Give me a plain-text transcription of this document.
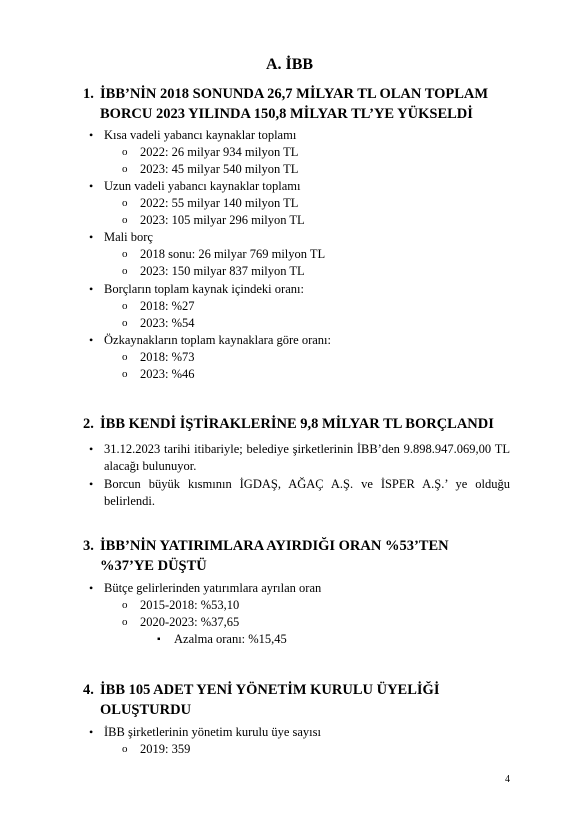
A. İBB
1. İBB’NİN 2018 SONUNDA 26,7 MİLYAR TL OLAN TOPLAM BORCU 2023 YILINDA 150,8 MİLYAR TL’YE YÜKSELDİ
• Kısa vadeli yabancı kaynaklar toplamı
o 2022: 26 milyar 934 milyon TL
o 2023: 45 milyar 540 milyon TL
• Uzun vadeli yabancı kaynaklar toplamı
o 2022: 55 milyar 140 milyon TL
o 2023: 105 milyar 296 milyon TL
• Mali borç
o 2018 sonu: 26 milyar 769 milyon TL
o 2023: 150 milyar 837 milyon TL
• Borçların toplam kaynak içindeki oranı:
o 2018: %27
o 2023: %54
• Özkaynakların toplam kaynaklara göre oranı:
o 2018: %73
o 2023: %46
2. İBB KENDİ İŞTİRAKLERİNE 9,8 MİLYAR TL BORÇLANDI
• 31.12.2023 tarihi itibariyle; belediye şirketlerinin İBB’den 9.898.947.069,00 TL alacağı bulunuyor.

• Borcun büyük kısmının İGDAŞ, AĞAÇ A.Ş. ve İSPER A.Ş.’ ye olduğu belirlendi.

3. İBB’NİN YATIRIMLARA AYIRDIĞI ORAN %53’TEN %37’YE DÜŞTÜ
• Bütçe gelirlerinden yatırımlara ayrılan oran
o 2015-2018: %53,10
o 2020-2023: %37,65
▪ Azalma oranı: %15,45
4. İBB 105 ADET YENİ YÖNETİM KURULU ÜYELİĞİ OLUŞTURDU
• İBB şirketlerinin yönetim kurulu üye sayısı
o 2019: 359
4
